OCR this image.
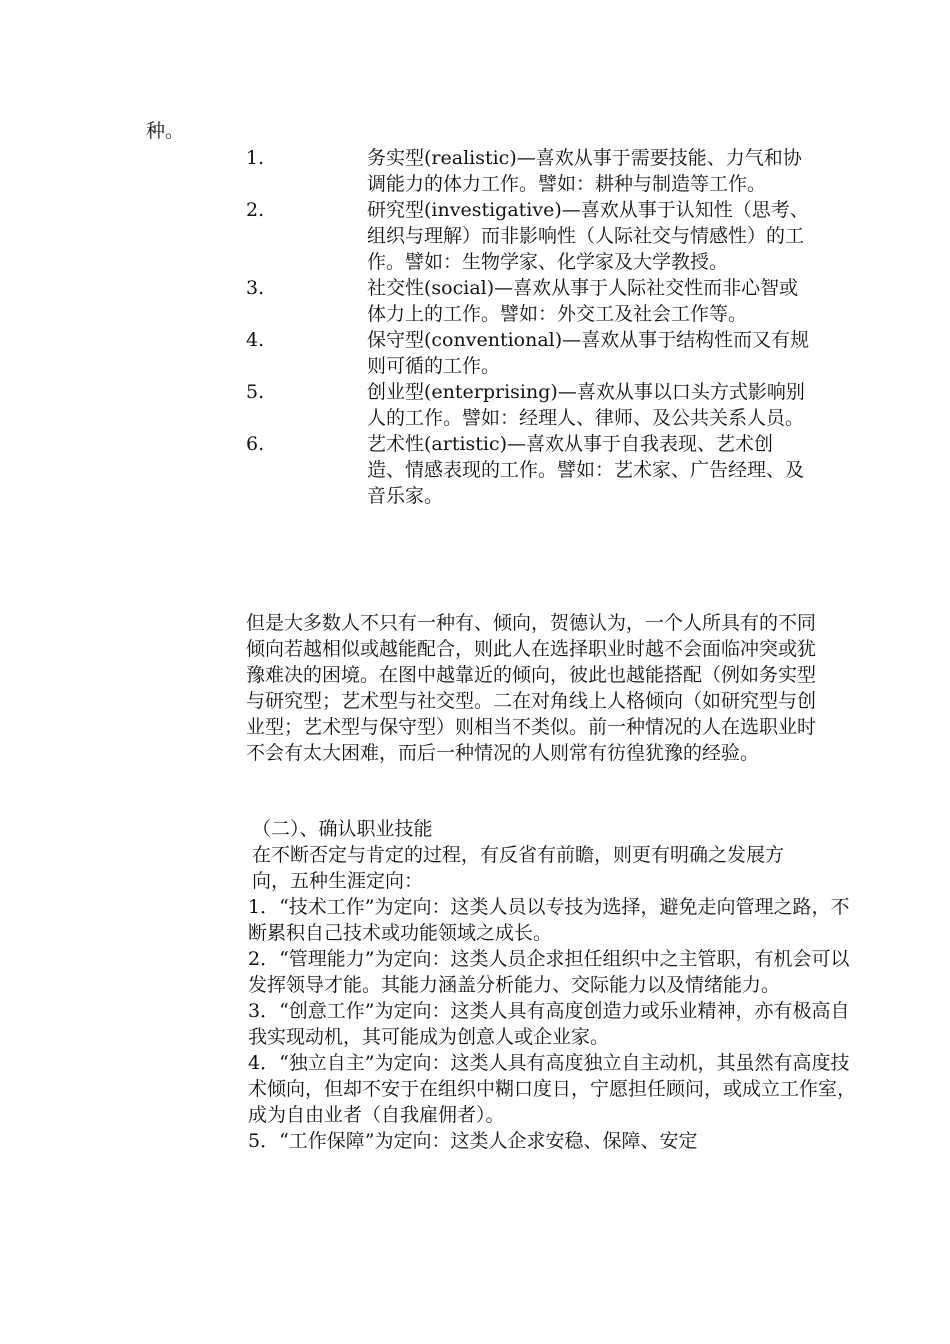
种。
1.	务实型(realistic)—喜欢从事于需要技能、力气和协调能力的体力工作。譬如：耕种与制造等工作。
2.	研究型(investigative)—喜欢从事于认知性（思考、组织与理解）而非影响性（人际社交与情感性）的工作。譬如：生物学家、化学家及大学教授。
3.	社交性(social)—喜欢从事于人际社交性而非心智或体力上的工作。譬如：外交工及社会工作等。
4.	保守型(conventional)—喜欢从事于结构性而又有规则可循的工作。
5.	创业型(enterprising)—喜欢从事以口头方式影响别人的工作。譬如：经理人、律师、及公共关系人员。
6.	艺术性(artistic)—喜欢从事于自我表现、艺术创造、情感表现的工作。譬如：艺术家、广告经理、及音乐家。

但是大多数人不只有一种有、倾向，贺德认为，一个人所具有的不同倾向若越相似或越能配合，则此人在选择职业时越不会面临冲突或犹豫难决的困境。在图中越靠近的倾向，彼此也越能搭配（例如务实型与研究型；艺术型与社交型。二在对角线上人格倾向（如研究型与创业型；艺术型与保守型）则相当不类似。前一种情况的人在选职业时不会有太大困难，而后一种情况的人则常有彷徨犹豫的经验。

（二）、确认职业技能
在不断否定与肯定的过程，有反省有前瞻，则更有明确之发展方向，五种生涯定向：

1．“技术工作”为定向：这类人员以专技为选择，避免走向管理之路，不断累积自己技术或功能领域之成长。

2．“管理能力”为定向：这类人员企求担任组织中之主管职，有机会可以发挥领导才能。其能力涵盖分析能力、交际能力以及情绪能力。

3．“创意工作”为定向：这类人具有高度创造力或乐业精神，亦有极高自我实现动机，其可能成为创意人或企业家。

4．“独立自主”为定向：这类人具有高度独立自主动机，其虽然有高度技术倾向，但却不安于在组织中糊口度日，宁愿担任顾问，或成立工作室，成为自由业者（自我雇佣者）。

5．“工作保障”为定向：这类人企求安稳、保障、安定
